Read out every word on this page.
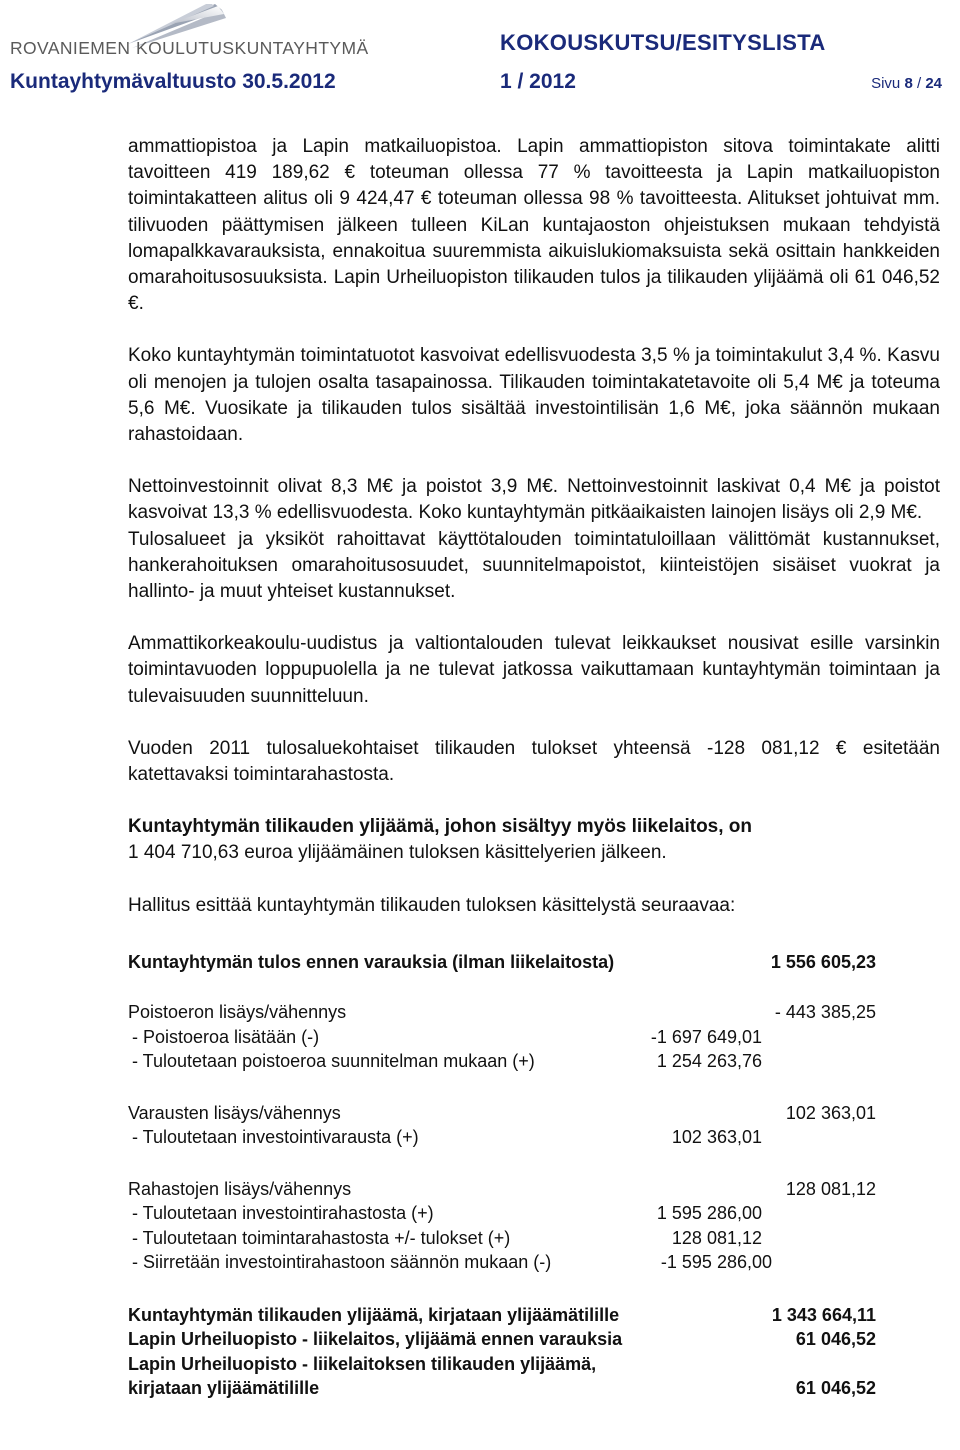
ROVANIEMEN KOULUTUSKUNTAYHTYMÄ	KOKOUSKUTSU/ESITYSLISTA
Kuntayhtymävaltuusto 30.5.2012	1 / 2012	Sivu 8 / 24

ammattiopistoa ja Lapin matkailuopistoa. Lapin ammattiopiston sitova toimintakate alitti tavoitteen 419 189,62 € toteuman ollessa 77 % tavoitteesta ja Lapin matkailuopiston toimintakatteen alitus oli 9 424,47 € toteuman ollessa 98 % tavoitteesta. Alitukset johtuivat mm. tilivuoden päättymisen jälkeen tulleen KiLan kuntajaoston ohjeistuksen mukaan tehdyistä lomapalkkavarauksista, ennakoitua suuremmista aikuislukiomaksuista sekä osittain hankkeiden omarahoitusosuuksista. Lapin Urheiluopiston tilikauden tulos ja tilikauden ylijäämä oli 61 046,52 €.

Koko kuntayhtymän toimintatuotot kasvoivat edellisvuodesta 3,5 % ja toimintakulut 3,4 %. Kasvu oli menojen ja tulojen osalta tasapainossa. Tilikauden toimintakatetavoite oli 5,4 M€ ja toteuma 5,6 M€. Vuosikate ja tilikauden tulos sisältää investointilisän 1,6 M€, joka säännön mukaan rahastoidaan.

Nettoinvestoinnit olivat 8,3 M€ ja poistot 3,9 M€. Nettoinvestoinnit laskivat 0,4 M€ ja poistot kasvoivat 13,3 % edellisvuodesta. Koko kuntayhtymän pitkäaikaisten lainojen lisäys oli 2,9 M€.

Tulosalueet ja yksiköt rahoittavat käyttötalouden toimintatuloillaan välittömät kustannukset, hankerahoituksen omarahoitusosuudet, suunnitelmapoistot, kiinteistöjen sisäiset vuokrat ja hallinto- ja muut yhteiset kustannukset.

Ammattikorkeakoulu-uudistus ja valtiontalouden tulevat leikkaukset nousivat esille varsinkin toimintavuoden loppupuolella ja ne tulevat jatkossa vaikuttamaan kuntayhtymän toimintaan ja tulevaisuuden suunnitteluun.

Vuoden 2011 tulosaluekohtaiset tilikauden tulokset yhteensä -128 081,12 € esitetään katettavaksi toimintarahastosta.

Kuntayhtymän tilikauden ylijäämä, johon sisältyy myös liikelaitos, on

1 404 710,63 euroa ylijäämäinen tuloksen käsittelyerien jälkeen.

Hallitus esittää kuntayhtymän tilikauden tuloksen käsittelystä seuraavaa:

Kuntayhtymän tulos ennen varauksia (ilman liikelaitosta)	1 556 605,23
Poistoeron lisäys/vähennys	- 443 385,25
- Poistoeroa lisätään (-)	-1 697 649,01
- Tuloutetaan poistoeroa suunnitelman mukaan (+)	1 254 263,76
Varausten lisäys/vähennys	102 363,01
- Tuloutetaan investointivarausta (+)	102 363,01
Rahastojen lisäys/vähennys	128 081,12
- Tuloutetaan investointirahastosta (+)	1 595 286,00
- Tuloutetaan toimintarahastosta +/- tulokset (+)	128 081,12
- Siirretään investointirahastoon säännön mukaan (-)	-1 595 286,00
Kuntayhtymän tilikauden ylijäämä, kirjataan ylijäämätilille	1 343 664,11
Lapin Urheiluopisto - liikelaitos, ylijäämä ennen varauksia	61 046,52
Lapin Urheiluopisto - liikelaitoksen tilikauden ylijäämä,
kirjataan ylijäämätilille	61 046,52
